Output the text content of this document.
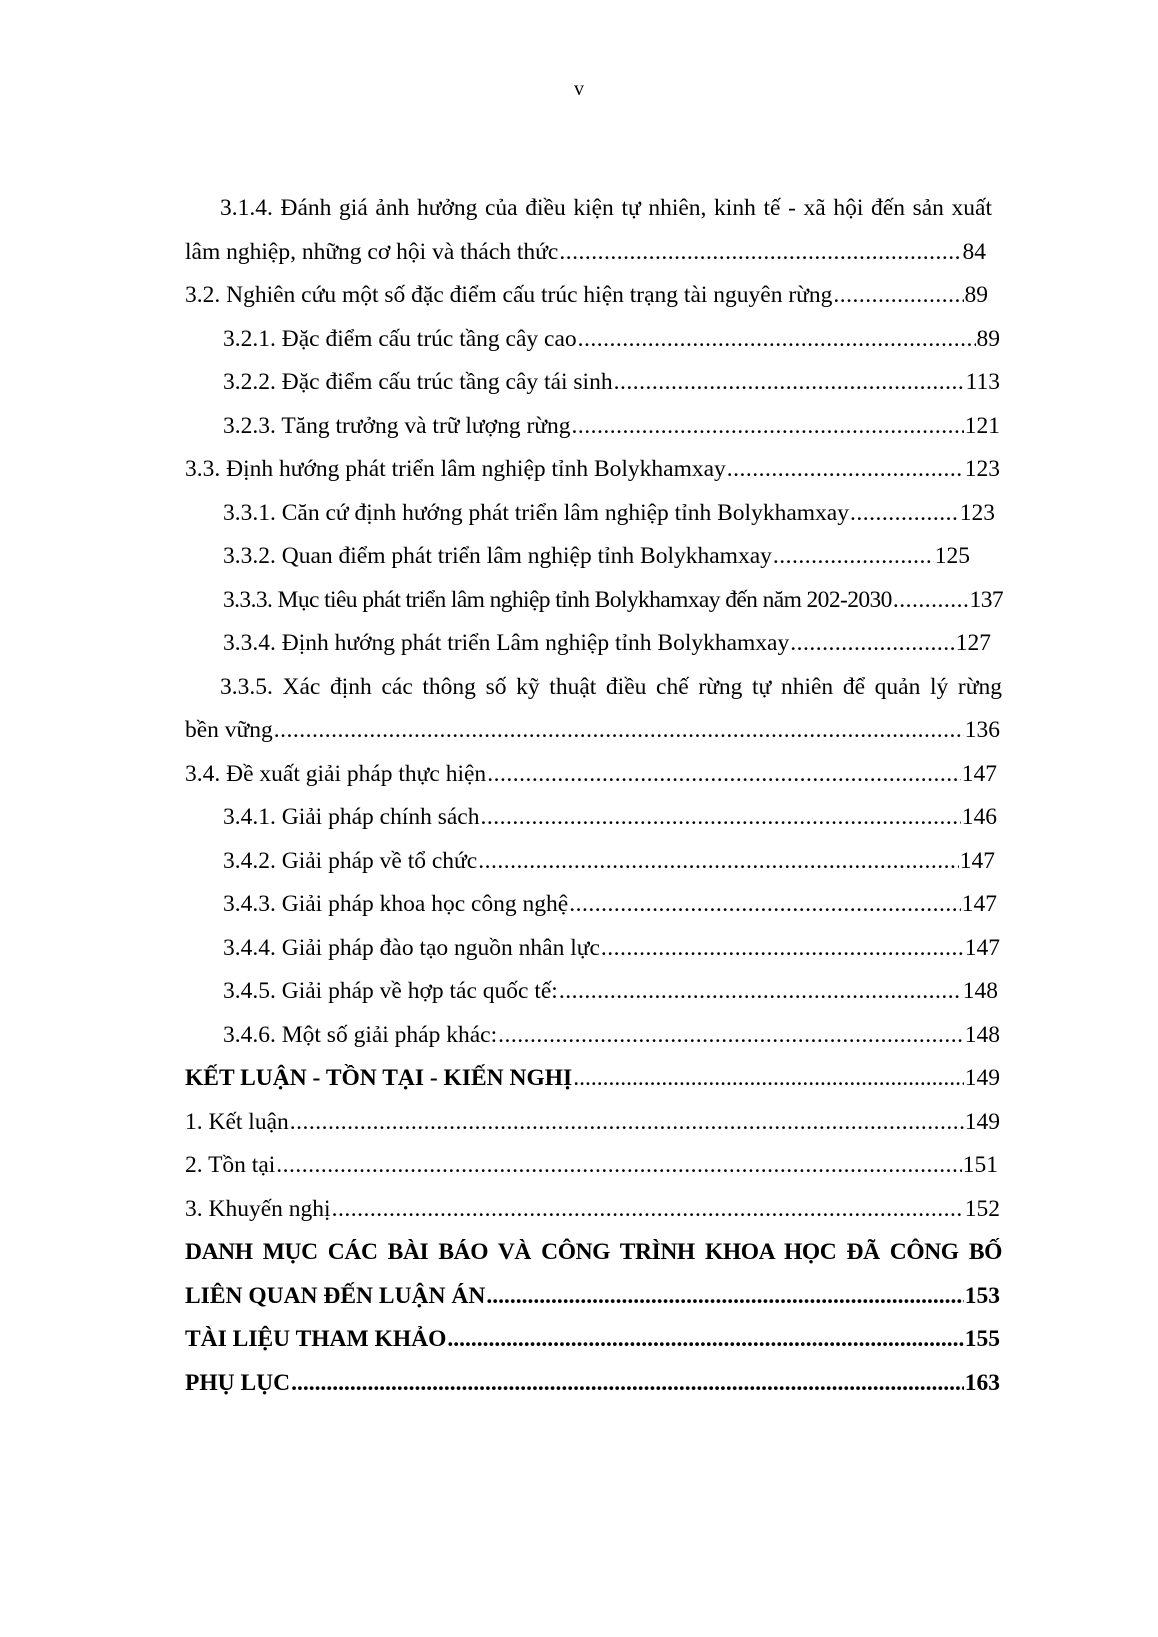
v
3.1.4. Đánh giá ảnh hưởng của điều kiện tự nhiên, kinh tế - xã hội đến sản xuất
lâm nghiệp, những cơ hội và thách thức .....	84
3.2. Nghiên cứu một số đặc điểm cấu trúc hiện trạng tài nguyên rừng .....	89
3.2.1. Đặc điểm cấu trúc tầng cây cao .....	89
3.2.2. Đặc điểm cấu trúc tầng cây tái sinh .....	113
3.2.3. Tăng trưởng và trữ lượng rừng .....	121
3.3. Định hướng phát triển lâm nghiệp tỉnh Bolykhamxay .....	123
3.3.1. Căn cứ định hướng phát triển lâm nghiệp tỉnh Bolykhamxay .....	123
3.3.2. Quan điểm phát triển lâm nghiệp tỉnh Bolykhamxay .....	125
3.3.3. Mục tiêu phát triển lâm nghiệp tỉnh Bolykhamxay đến năm 202-2030 .....	137
3.3.4. Định hướng phát triển Lâm nghiệp tỉnh Bolykhamxay .....	127
3.3.5. Xác định các thông số kỹ thuật điều chế rừng tự nhiên để quản lý rừng
bền vững .....	136
3.4. Đề xuất giải pháp thực hiện .....	147
3.4.1. Giải pháp chính sách .....	146
3.4.2. Giải pháp về tổ chức .....	147
3.4.3. Giải pháp khoa học công nghệ .....	147
3.4.4. Giải pháp đào tạo nguồn nhân lực .....	147
3.4.5. Giải pháp về hợp tác quốc tế: .....	148
3.4.6. Một số giải pháp khác: .....	148
KẾT LUẬN - TỒN TẠI - KIẾN NGHỊ .....	149
1. Kết luận .....	149
2. Tồn tại .....	151
3. Khuyến nghị .....	152
DANH MỤC CÁC BÀI BÁO VÀ CÔNG TRÌNH KHOA HỌC ĐÃ CÔNG BỐ
LIÊN QUAN ĐẾN LUẬN ÁN .....	153
TÀI LIỆU THAM KHẢO .....	155
PHỤ LỤC .....	163
